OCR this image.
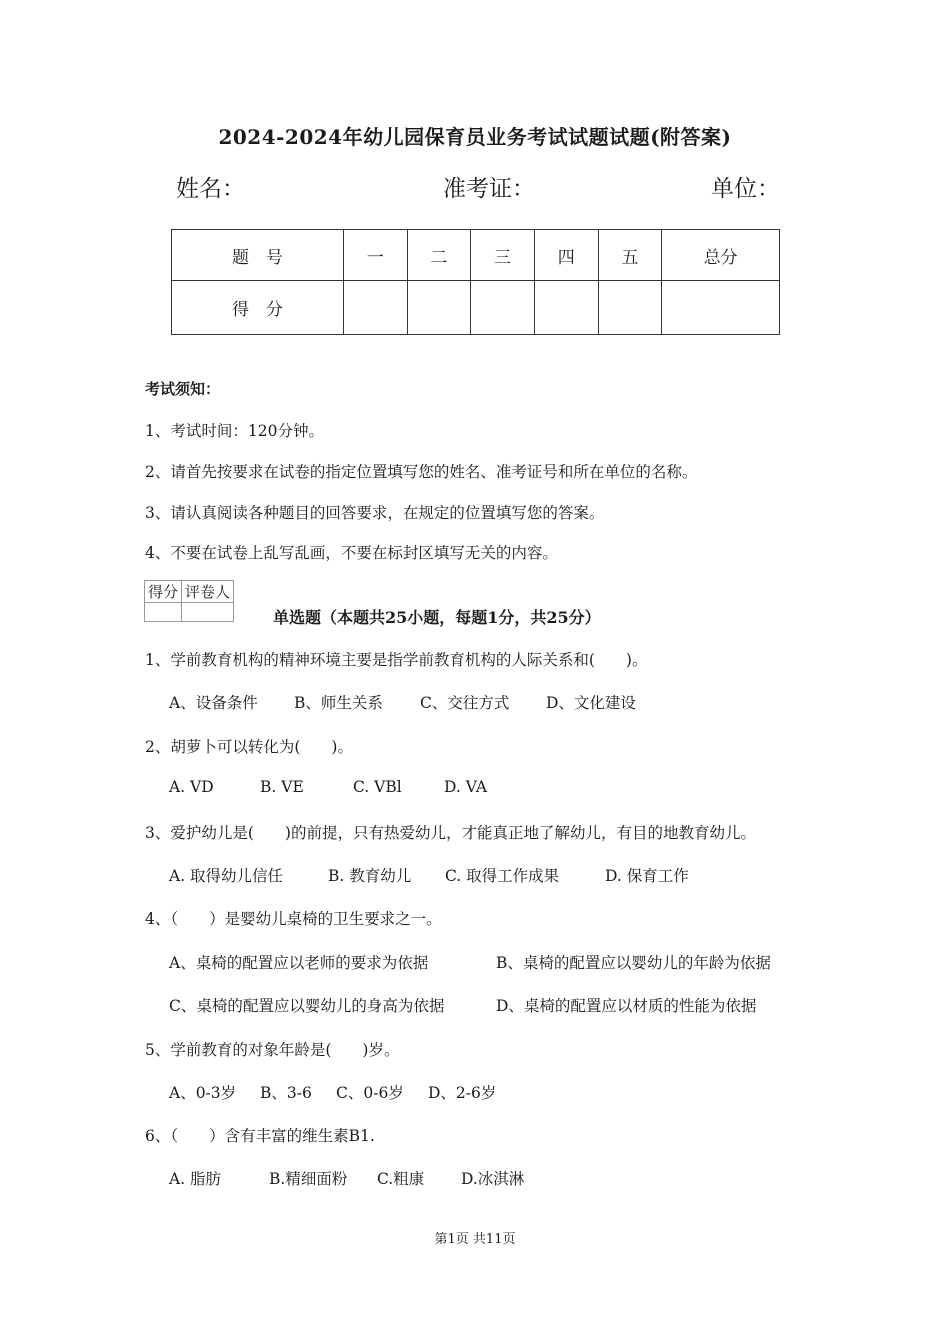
2024-2024年幼儿园保育员业务考试试题试题(附答案)
姓名：	准考证：	单位：
题　号	一	二	三	四	五	总分
得　分						
考试须知：
1、考试时间：120分钟。
2、请首先按要求在试卷的指定位置填写您的姓名、准考证号和所在单位的名称。
3、请认真阅读各种题目的回答要求，在规定的位置填写您的答案。
4、不要在试卷上乱写乱画，不要在标封区填写无关的内容。
得分	评卷人

单选题（本题共25小题，每题1分，共25分）
1、学前教育机构的精神环境主要是指学前教育机构的人际关系和(　　)。
A、设备条件 B、师生关系 C、交往方式 D、文化建设
2、胡萝卜可以转化为(　　)。
A. VD	B. VE	C. VBl	D. VA
3、爱护幼儿是(　　)的前提，只有热爱幼儿，才能真正地了解幼儿，有目的地教育幼儿。
A. 取得幼儿信任	B. 教育幼儿 C. 取得工作成果	D. 保育工作
4、（　　）是婴幼儿桌椅的卫生要求之一。
A、桌椅的配置应以老师的要求为依据	B、桌椅的配置应以婴幼儿的年龄为依据
C、桌椅的配置应以婴幼儿的身高为依据	D、桌椅的配置应以材质的性能为依据
5、学前教育的对象年龄是(　　)岁。
A、0-3岁 B、3-6 C、0-6岁 D、2-6岁
6、（　　）含有丰富的维生素B1.
A. 脂肪	B.精细面粉 C.粗康 D.冰淇淋
第1页 共11页
